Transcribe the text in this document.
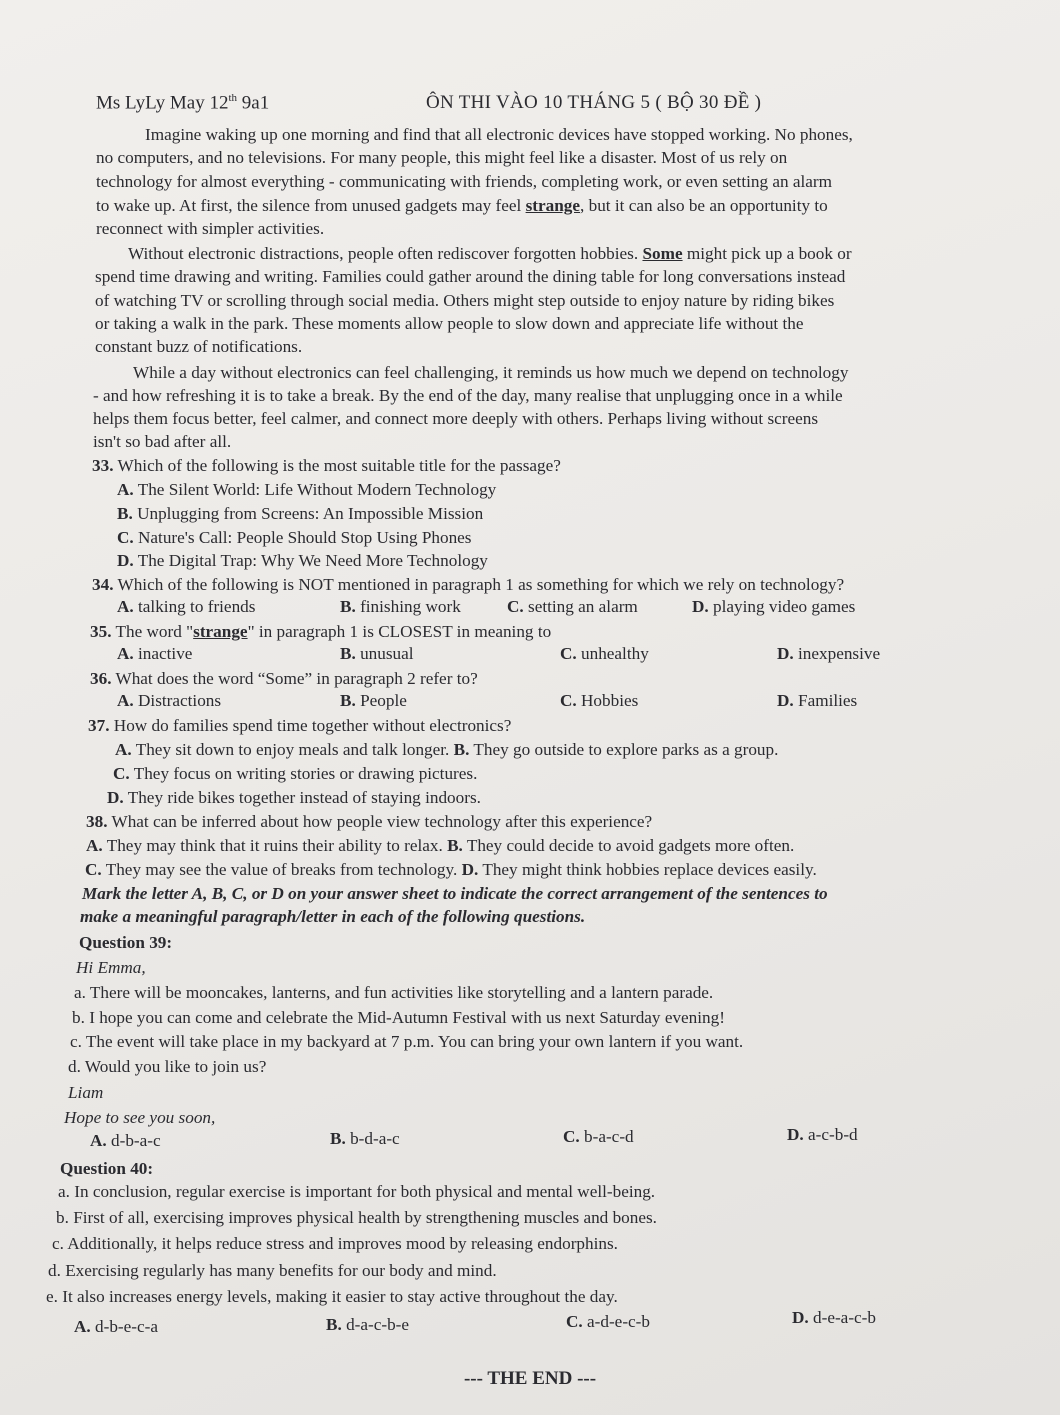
Ms LyLy May 12th 9a1	ÔN THI VÀO 10 THÁNG 5 ( BỘ 30 ĐỀ )
Imagine waking up one morning and find that all electronic devices have stopped working. No phones,
no computers, and no televisions. For many people, this might feel like a disaster. Most of us rely on
technology for almost everything - communicating with friends, completing work, or even setting an alarm
to wake up. At first, the silence from unused gadgets may feel strange, but it can also be an opportunity to
reconnect with simpler activities.
Without electronic distractions, people often rediscover forgotten hobbies. Some might pick up a book or
spend time drawing and writing. Families could gather around the dining table for long conversations instead
of watching TV or scrolling through social media. Others might step outside to enjoy nature by riding bikes
or taking a walk in the park. These moments allow people to slow down and appreciate life without the
constant buzz of notifications.
While a day without electronics can feel challenging, it reminds us how much we depend on technology
- and how refreshing it is to take a break. By the end of the day, many realise that unplugging once in a while
helps them focus better, feel calmer, and connect more deeply with others. Perhaps living without screens
isn't so bad after all.
33. Which of the following is the most suitable title for the passage?
A. The Silent World: Life Without Modern Technology
B. Unplugging from Screens: An Impossible Mission
C. Nature's Call: People Should Stop Using Phones
D. The Digital Trap: Why We Need More Technology
34. Which of the following is NOT mentioned in paragraph 1 as something for which we rely on technology?
A. talking to friends	B. finishing work	C. setting an alarm	D. playing video games
35. The word "strange" in paragraph 1 is CLOSEST in meaning to
A. inactive	B. unusual	C. unhealthy	D. inexpensive
36. What does the word “Some” in paragraph 2 refer to?
A. Distractions	B. People	C. Hobbies	D. Families
37. How do families spend time together without electronics?
A. They sit down to enjoy meals and talk longer. B. They go outside to explore parks as a group.
C. They focus on writing stories or drawing pictures.
D. They ride bikes together instead of staying indoors.
38. What can be inferred about how people view technology after this experience?
A. They may think that it ruins their ability to relax. B. They could decide to avoid gadgets more often.
C. They may see the value of breaks from technology. D. They might think hobbies replace devices easily.
Mark the letter A, B, C, or D on your answer sheet to indicate the correct arrangement of the sentences to
make a meaningful paragraph/letter in each of the following questions.
Question 39:
Hi Emma,
a. There will be mooncakes, lanterns, and fun activities like storytelling and a lantern parade.
b. I hope you can come and celebrate the Mid-Autumn Festival with us next Saturday evening!
c. The event will take place in my backyard at 7 p.m. You can bring your own lantern if you want.
d. Would you like to join us?
Liam
Hope to see you soon,
A. d-b-a-c	B. b-d-a-c	C. b-a-c-d	D. a-c-b-d
Question 40:
a. In conclusion, regular exercise is important for both physical and mental well-being.
b. First of all, exercising improves physical health by strengthening muscles and bones.
c. Additionally, it helps reduce stress and improves mood by releasing endorphins.
d. Exercising regularly has many benefits for our body and mind.
e. It also increases energy levels, making it easier to stay active throughout the day.
A. d-b-e-c-a	B. d-a-c-b-e	C. a-d-e-c-b	D. d-e-a-c-b
--- THE END ---
